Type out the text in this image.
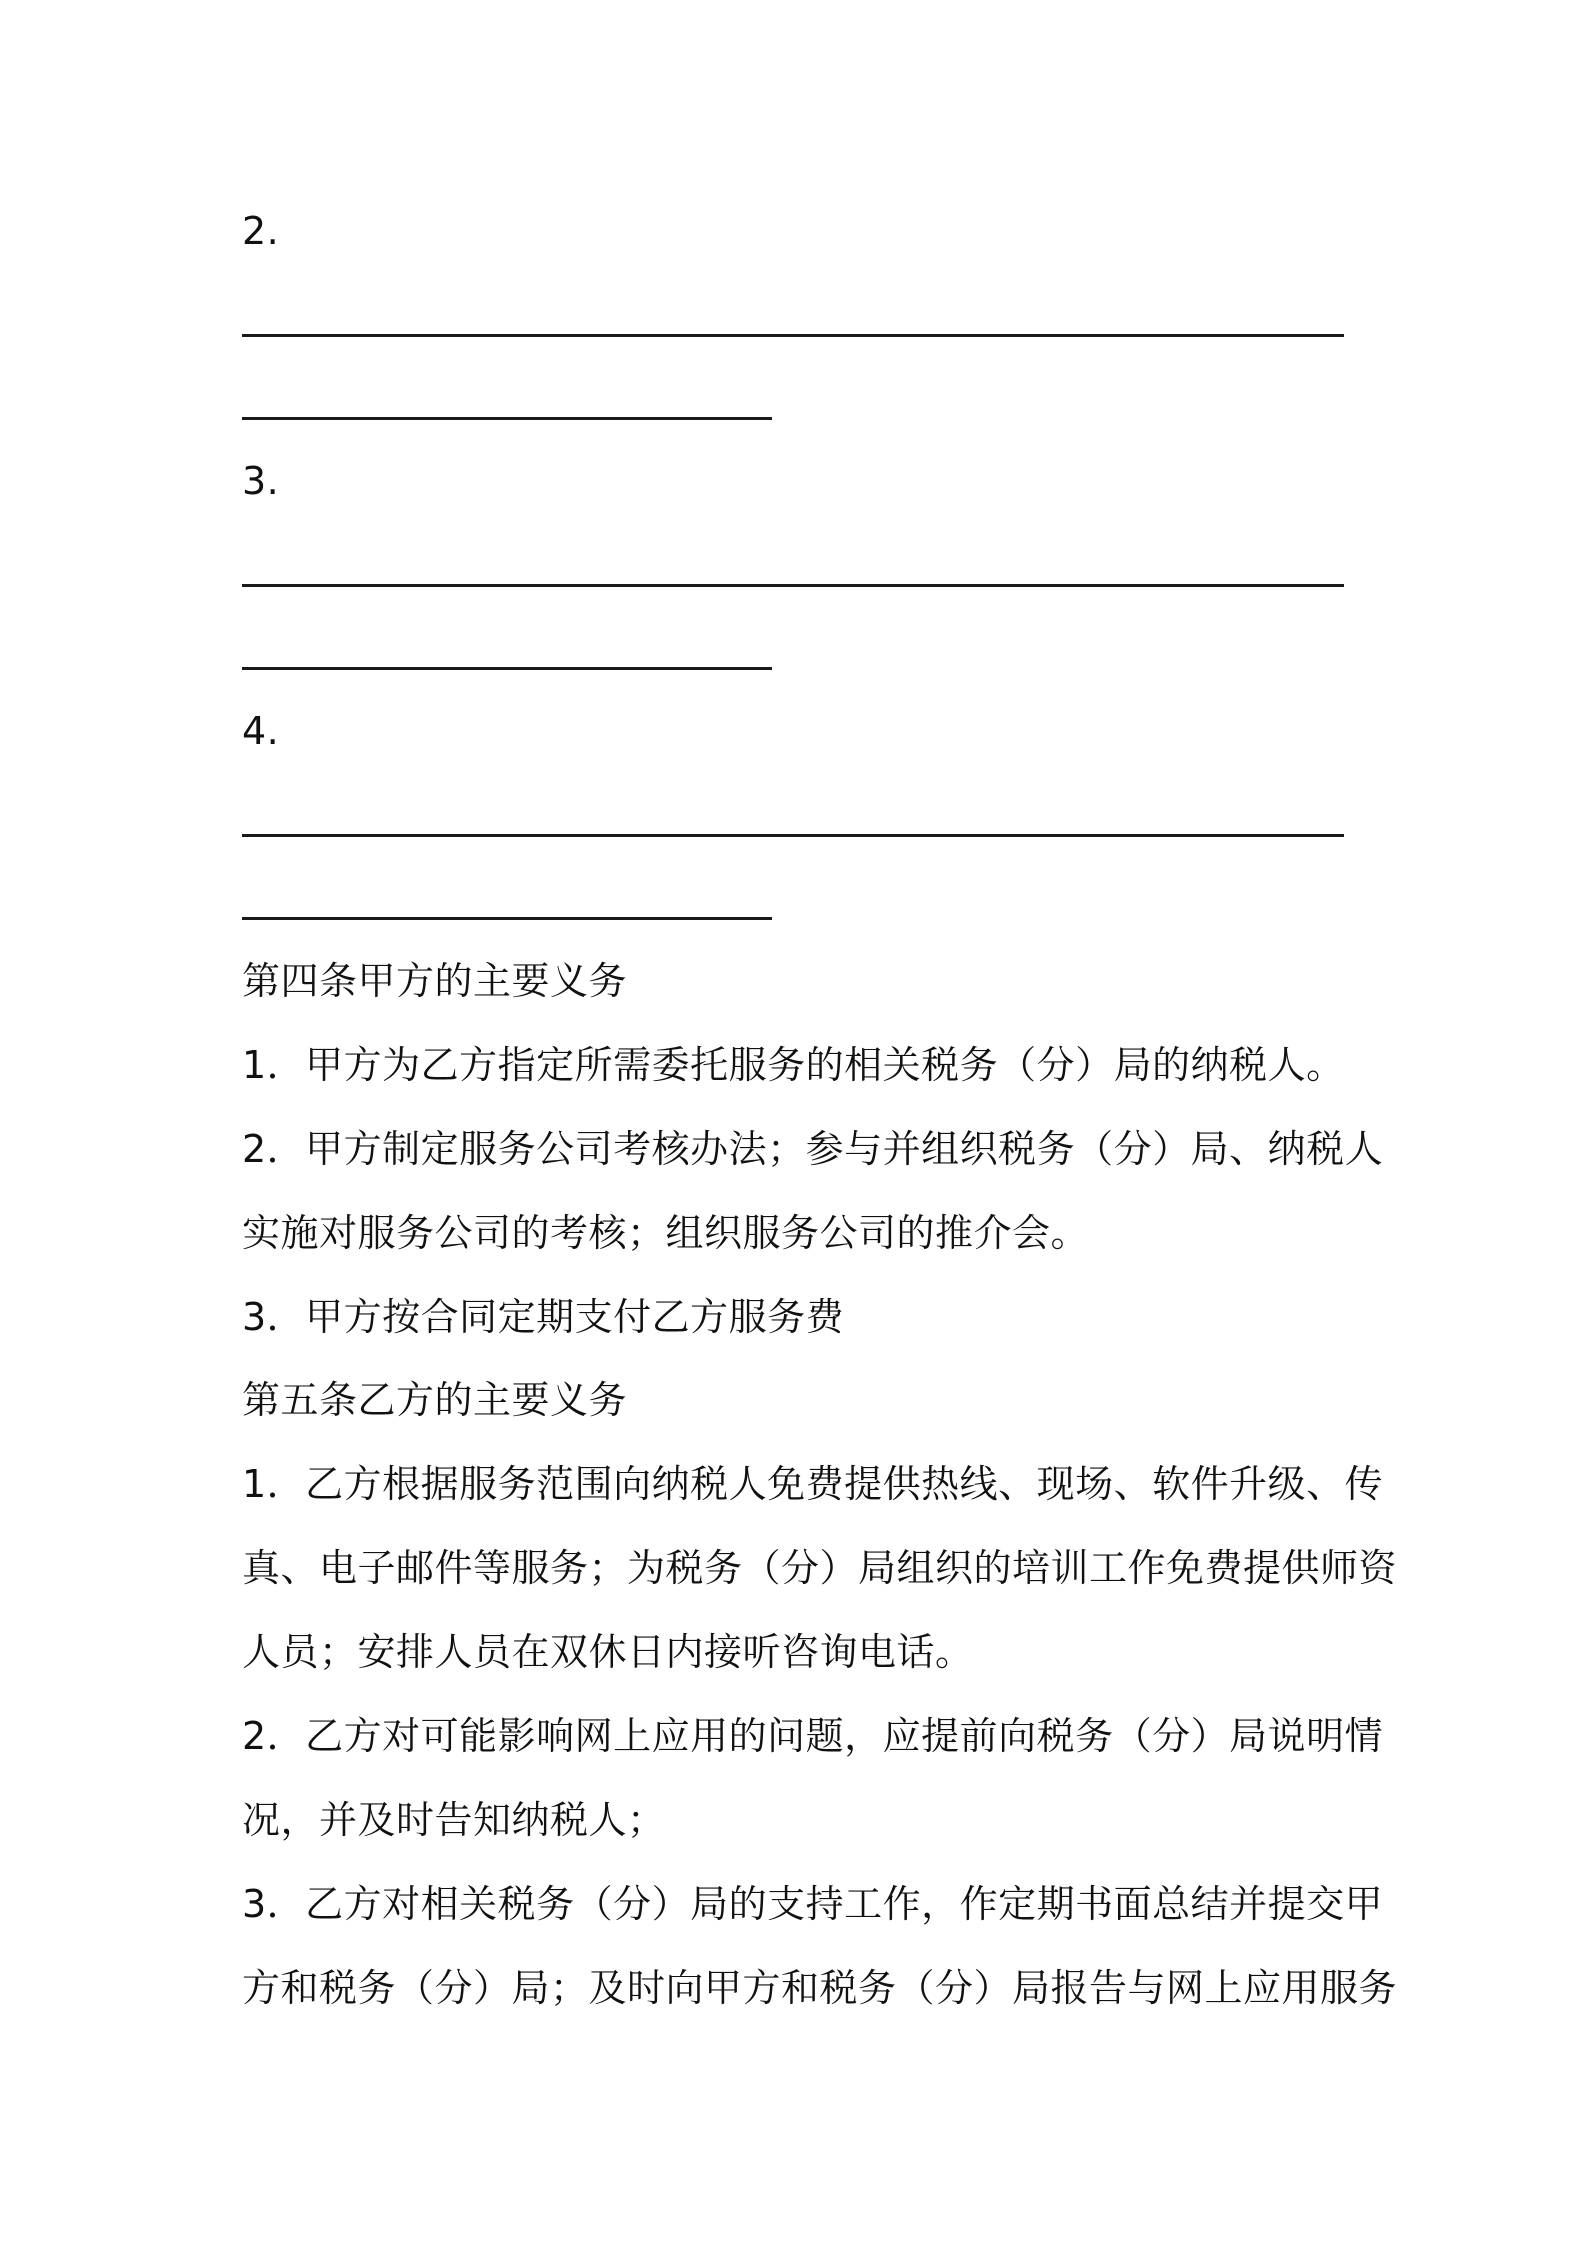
2.
3.
4.
第四条甲方的主要义务
1．甲方为乙方指定所需委托服务的相关税务（分）局的纳税人。
2．甲方制定服务公司考核办法；参与并组织税务（分）局、纳税人
实施对服务公司的考核；组织服务公司的推介会。
3．甲方按合同定期支付乙方服务费
第五条乙方的主要义务
1．乙方根据服务范围向纳税人免费提供热线、现场、软件升级、传
真、电子邮件等服务；为税务（分）局组织的培训工作免费提供师资
人员；安排人员在双休日内接听咨询电话。
2．乙方对可能影响网上应用的问题，应提前向税务（分）局说明情
况，并及时告知纳税人；
3．乙方对相关税务（分）局的支持工作，作定期书面总结并提交甲
方和税务（分）局；及时向甲方和税务（分）局报告与网上应用服务
